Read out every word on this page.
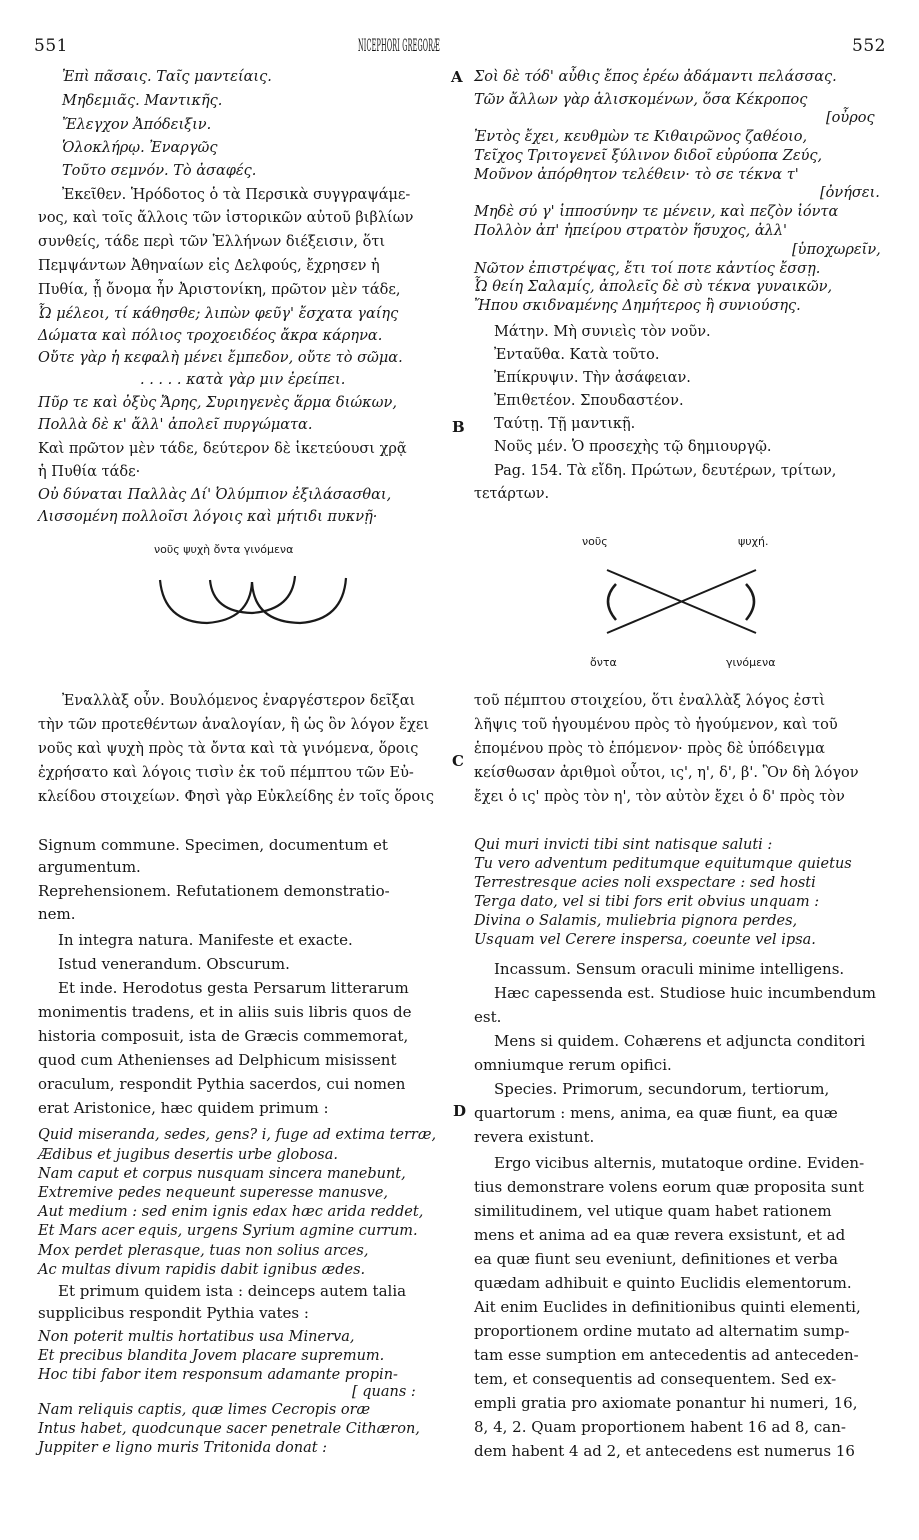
551	NICEPHORI GREGORÆ	552
A
B
C
D
Ἐπὶ πᾶσαις. Ταῖς μαντείαις.
Μηδεμιᾶς. Μαντικῆς.
Ἔλεγχον Ἀπόδειξιν.
Ὁλοκλήρῳ. Ἐναργῶς
Τοῦτο σεμνόν. Τὸ ἀσαφές.
Ἐκεῖθεν. Ἡρόδοτος ὁ τὰ Περσικὰ συγγραψάμε-
νος, καὶ τοῖς ἄλλοις τῶν ἱστορικῶν αὐτοῦ βιβλίων
συνθείς, τάδε περὶ τῶν Ἑλλήνων διέξεισιν, ὅτι
Πεμψάντων Ἀθηναίων εἰς Δελφούς, ἔχρησεν ἡ
Πυθία, ᾗ ὄνομα ἦν Ἀριστονίκη, πρῶτον μὲν τάδε,
Ὦ μέλεοι, τί κάθησθε; λιπὼν φεῦγ' ἔσχατα γαίης
Δώματα καὶ πόλιος τροχοειδέος ἄκρα κάρηνα.
Οὔτε γὰρ ἡ κεφαλὴ μένει ἔμπεδον, οὔτε τὸ σῶμα.
. . . . . κατὰ γὰρ μιν ἐρείπει.
Πῦρ τε καὶ ὀξὺς Ἄρης, Συριηγενὲς ἅρμα διώκων,
Πολλὰ δὲ κ' ἄλλ' ἀπολεῖ πυργώματα.
Καὶ πρῶτον μὲν τάδε, δεύτερον δὲ ἱκετεύουσι χρᾷ
ἡ Πυθία τάδε·
Οὐ δύναται Παλλὰς Δί' Ὀλύμπιον ἐξιλάσασθαι,
Λισσομένη πολλοῖσι λόγοις καὶ μήτιδι πυκνῇ·
Σοὶ δὲ τόδ' αὖθις ἔπος ἐρέω ἀδάμαντι πελάσσας.
Τῶν ἄλλων γὰρ ἁλισκομένων, ὅσα Κέκροπος
[οὖρος
Ἐντὸς ἔχει, κευθμὼν τε Κιθαιρῶνος ζαθέοιο,
Τεῖχος Τριτογενεῖ ξύλινον διδοῖ εὐρύοπα Ζεύς,
Μοῦνον ἀπόρθητον τελέθειν· τὸ σε τέκνα τ'
[ὀνήσει.
Μηδὲ σύ γ' ἱπποσύνην τε μένειν, καὶ πεζὸν ἰόντα
Πολλὸν ἀπ' ἠπείρου στρατὸν ἥσυχος, ἀλλ'
[ὑποχωρεῖν,
Νῶτον ἐπιστρέψας, ἔτι τοί ποτε κἀντίος ἔσσῃ.
Ὦ θείη Σαλαμίς, ἀπολεῖς δὲ σὺ τέκνα γυναικῶν,
Ἤπου σκιδναμένης Δημήτερος ἢ συνιούσης.
Μάτην. Μὴ συνιεὶς τὸν νοῦν.
Ἐνταῦθα. Κατὰ τοῦτο.
Ἐπίκρυψιν. Τὴν ἀσάφειαν.
Ἐπιθετέον. Σπουδαστέον.
Ταύτῃ. Τῇ μαντικῇ.
Νοῦς μέν. Ὁ προσεχὴς τῷ δημιουργῷ.
Pag. 154. Τὰ εἴδη. Πρώτων, δευτέρων, τρίτων,
τετάρτων.
νοῦς ψυχὴ ὄντα γινόμενα
νοῦς	ψυχή.
ὄντα	γινόμενα
Ἐναλλὰξ οὖν. Βουλόμενος ἐναργέστερον δεῖξαι
τὴν τῶν προτεθέντων ἀναλογίαν, ἣ ὡς ὃν λόγον ἔχει
νοῦς καὶ ψυχὴ πρὸς τὰ ὄντα καὶ τὰ γινόμενα, ὅροις
ἐχρήσατο καὶ λόγοις τισὶν ἐκ τοῦ πέμπτου τῶν Εὐ-
κλείδου στοιχείων. Φησὶ γὰρ Εὐκλείδης ἐν τοῖς ὅροις
τοῦ πέμπτου στοιχείου, ὅτι ἐναλλὰξ λόγος ἐστὶ
λῆψις τοῦ ἡγουμένου πρὸς τὸ ἡγούμενον, καὶ τοῦ
ἑπομένου πρὸς τὸ ἑπόμενον· πρὸς δὲ ὑπόδειγμα
κείσθωσαν ἀριθμοὶ οὗτοι, ις', η', δ', β'. Ὃν δὴ λόγον
ἔχει ὁ ις' πρὸς τὸν η', τὸν αὐτὸν ἔχει ὁ δ' πρὸς τὸν
Signum commune. Specimen, documentum et
argumentum.
Reprehensionem. Refutationem demonstratio-
nem.
In integra natura. Manifeste et exacte.
Istud venerandum. Obscurum.
Et inde. Herodotus gesta Persarum litterarum
monimentis tradens, et in aliis suis libris quos de
historia composuit, ista de Græcis commemorat,
quod cum Athenienses ad Delphicum misissent
oraculum, respondit Pythia sacerdos, cui nomen
erat Aristonice, hæc quidem primum :
Quid miseranda, sedes, gens? i, fuge ad extima terræ,
Ædibus et jugibus desertis urbe globosa.
Nam caput et corpus nusquam sincera manebunt,
Extremive pedes nequeunt superesse manusve,
Aut medium : sed enim ignis edax hæc arida reddet,
Et Mars acer equis, urgens Syrium agmine currum.
Mox perdet plerasque, tuas non solius arces,
Ac multas divum rapidis dabit ignibus ædes.
Et primum quidem ista : deinceps autem talia
supplicibus respondit Pythia vates :
Non poterit multis hortatibus usa Minerva,
Et precibus blandita Jovem placare supremum.
Hoc tibi fabor item responsum adamante propin-
[ quans :
Nam reliquis captis, quæ limes Cecropis oræ
Intus habet, quodcunque sacer penetrale Cithæron,
Juppiter e ligno muris Tritonida donat :
Qui muri invicti tibi sint natisque saluti :
Tu vero adventum peditumque equitumque quietus
Terrestresque acies noli exspectare : sed hosti
Terga dato, vel si tibi fors erit obvius unquam :
Divina o Salamis, muliebria pignora perdes,
Usquam vel Cerere inspersa, coeunte vel ipsa.
Incassum. Sensum oraculi minime intelligens.
Hæc capessenda est. Studiose huic incumbendum
est.
Mens si quidem. Cohærens et adjuncta conditori
omniumque rerum opifici.
Species. Primorum, secundorum, tertiorum,
quartorum : mens, anima, ea quæ fiunt, ea quæ
revera existunt.
Ergo vicibus alternis, mutatoque ordine. Eviden-
tius demonstrare volens eorum quæ proposita sunt
similitudinem, vel utique quam habet rationem
mens et anima ad ea quæ revera exsistunt, et ad
ea quæ fiunt seu eveniunt, definitiones et verba
quædam adhibuit e quinto Euclidis elementorum.
Ait enim Euclides in definitionibus quinti elementi,
proportionem ordine mutato ad alternatim sump-
tam esse sumption em antecedentis ad anteceden-
tem, et consequentis ad consequentem. Sed ex-
empli gratia pro axiomate ponantur hi numeri, 16,
8, 4, 2. Quam proportionem habent 16 ad 8, can-
dem habent 4 ad 2, et antecedens est numerus 16
